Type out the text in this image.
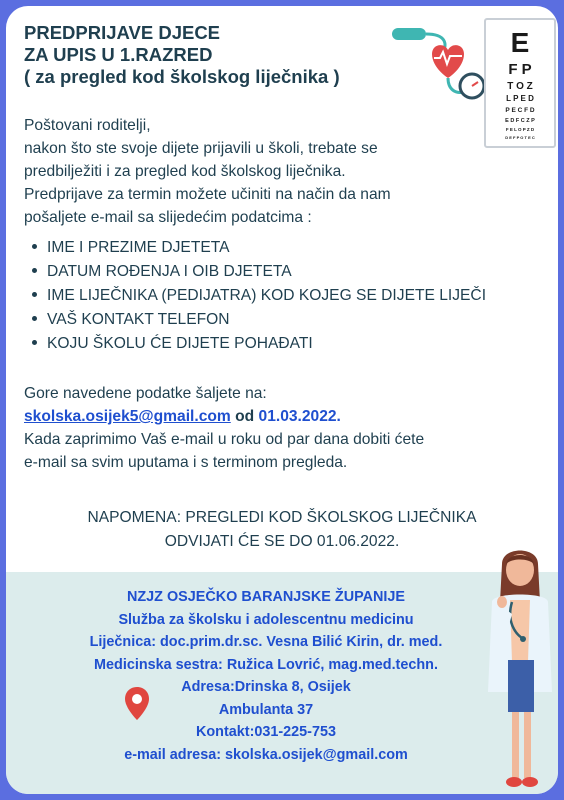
PREDPRIJAVE DJECE
ZA UPIS U 1.RAZRED
( za pregled kod školskog liječnika )
E
F P
T O Z
L P E D
P E C F D
E D F C Z P
F E L O P Z D
D E F P O T E C
Poštovani roditelji,
nakon što ste svoje dijete prijavili u školi, trebate se
predbilježiti i za pregled kod školskog liječnika.
Predprijave za termin možete učiniti na način da nam
pošaljete e-mail sa slijedećim podatcima :
IME I PREZIME DJETETA
DATUM ROĐENJA I OIB DJETETA
IME LIJEČNIKA (PEDIJATRA) KOD KOJEG SE DIJETE LIJEČI
VAŠ KONTAKT TELEFON
KOJU ŠKOLU ĆE DIJETE POHAĐATI
Gore navedene podatke šaljete na:
skolska.osijek5@gmail.com od 01.03.2022.
Kada zaprimimo Vaš e-mail u roku od par dana dobiti ćete
e-mail sa svim uputama i s terminom pregleda.
NAPOMENA: PREGLEDI KOD ŠKOLSKOG LIJEČNIKA
ODVIJATI ĆE SE DO 01.06.2022.
NZJZ OSJEČKO BARANJSKE ŽUPANIJE
Služba za školsku i adolescentnu medicinu
Liječnica: doc.prim.dr.sc. Vesna Bilić Kirin, dr. med.
Medicinska sestra: Ružica Lovrić, mag.med.techn.
Adresa:Drinska 8, Osijek
Ambulanta 37
Kontakt:031-225-753
e-mail adresa: skolska.osijek@gmail.com
